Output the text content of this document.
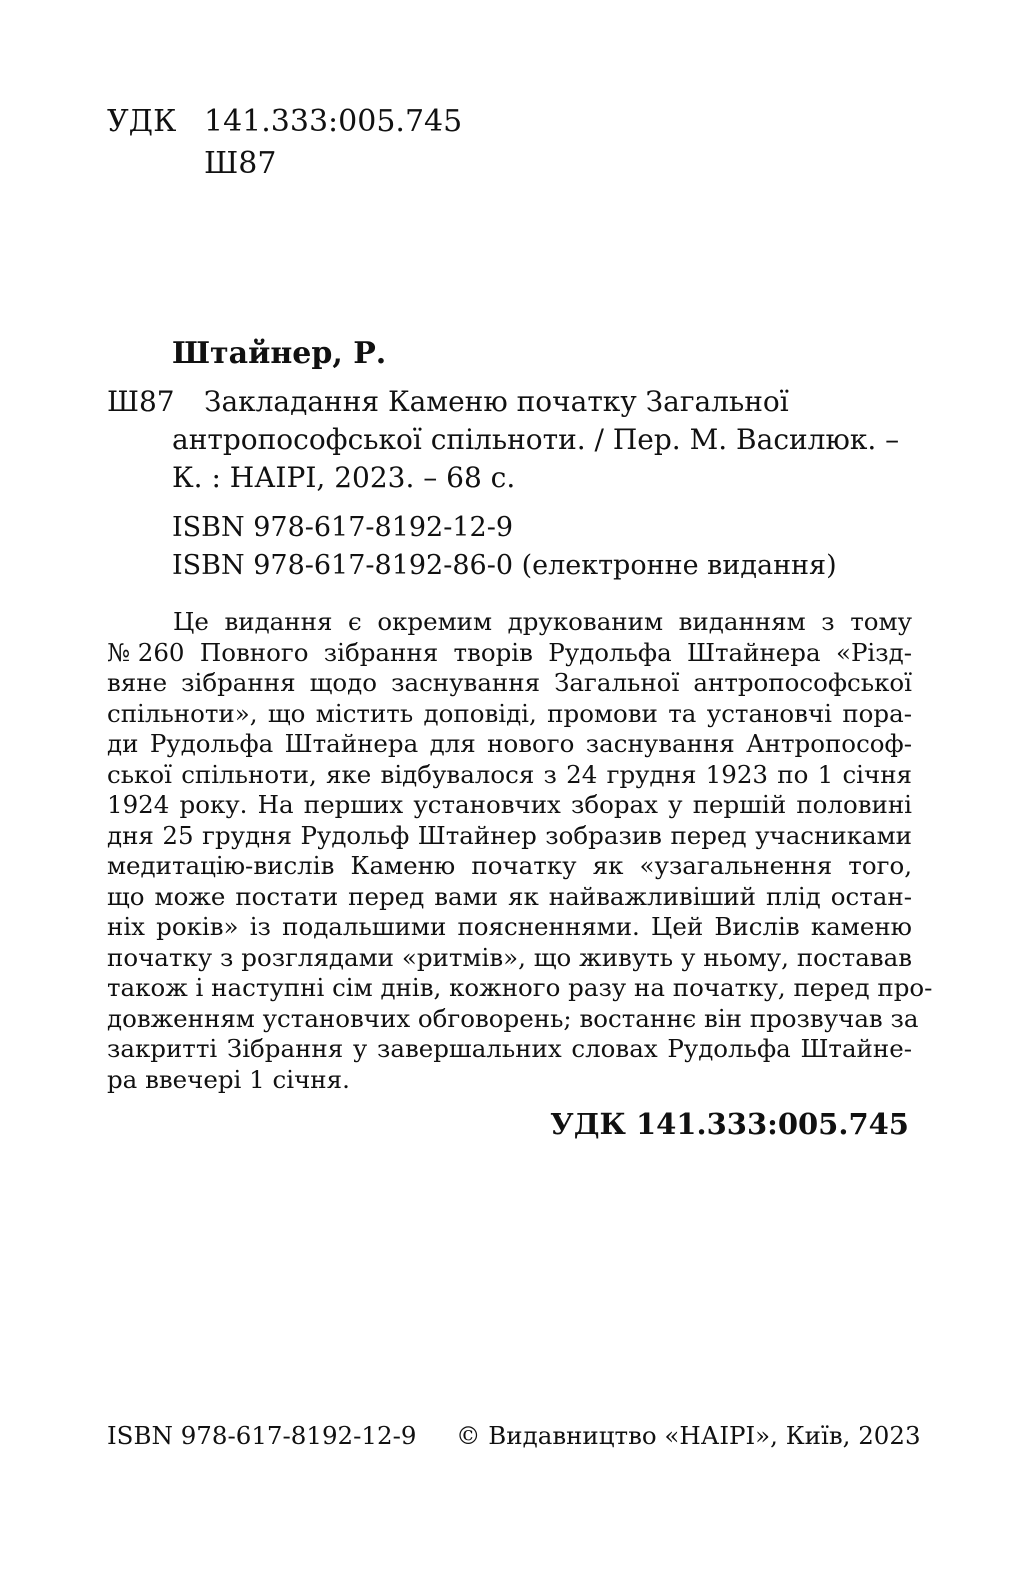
УДК 141.333:005.745
Ш87
Штайнер, Р.
Ш87 Закладання Каменю початку Загальної
антропософської спільноти. / Пер. М. Василюк. –
К. : НАІРІ, 2023. – 68 с.
ISBN 978-617-8192-12-9
ISBN 978-617-8192-86-0 (електронне видання)

Це видання є окремим друкованим виданням з тому
№260 Повного зібрання творів Рудольфа Штайнера «Різд-
вяне зібрання щодо заснування Загальної антропософської
спільноти», що містить доповіді, промови та установчі пора-
ди Рудольфа Штайнера для нового заснування Антропософ-
ської спільноти, яке відбувалося з 24 грудня 1923 по 1 січня
1924 року. На перших установчих зборах у першій половині
дня 25 грудня Рудольф Штайнер зобразив перед учасниками
медитацію-вислів Каменю початку як «узагальнення того,
що може постати перед вами як найважливіший плід остан-
ніх років» із подальшими поясненнями. Цей Вислів каменю
початку з розглядами «ритмів», що живуть у ньому, поставав
також і наступні сім днів, кожного разу на початку, перед про-
довженням установчих обговорень; востаннє він прозвучав за
закритті Зібрання у завершальних словах Рудольфа Штайне-
ра ввечері 1 січня.

УДК 141.333:005.745
ISBN 978-617-8192-12-9 © Видавництво «НАІРІ», Київ, 2023
